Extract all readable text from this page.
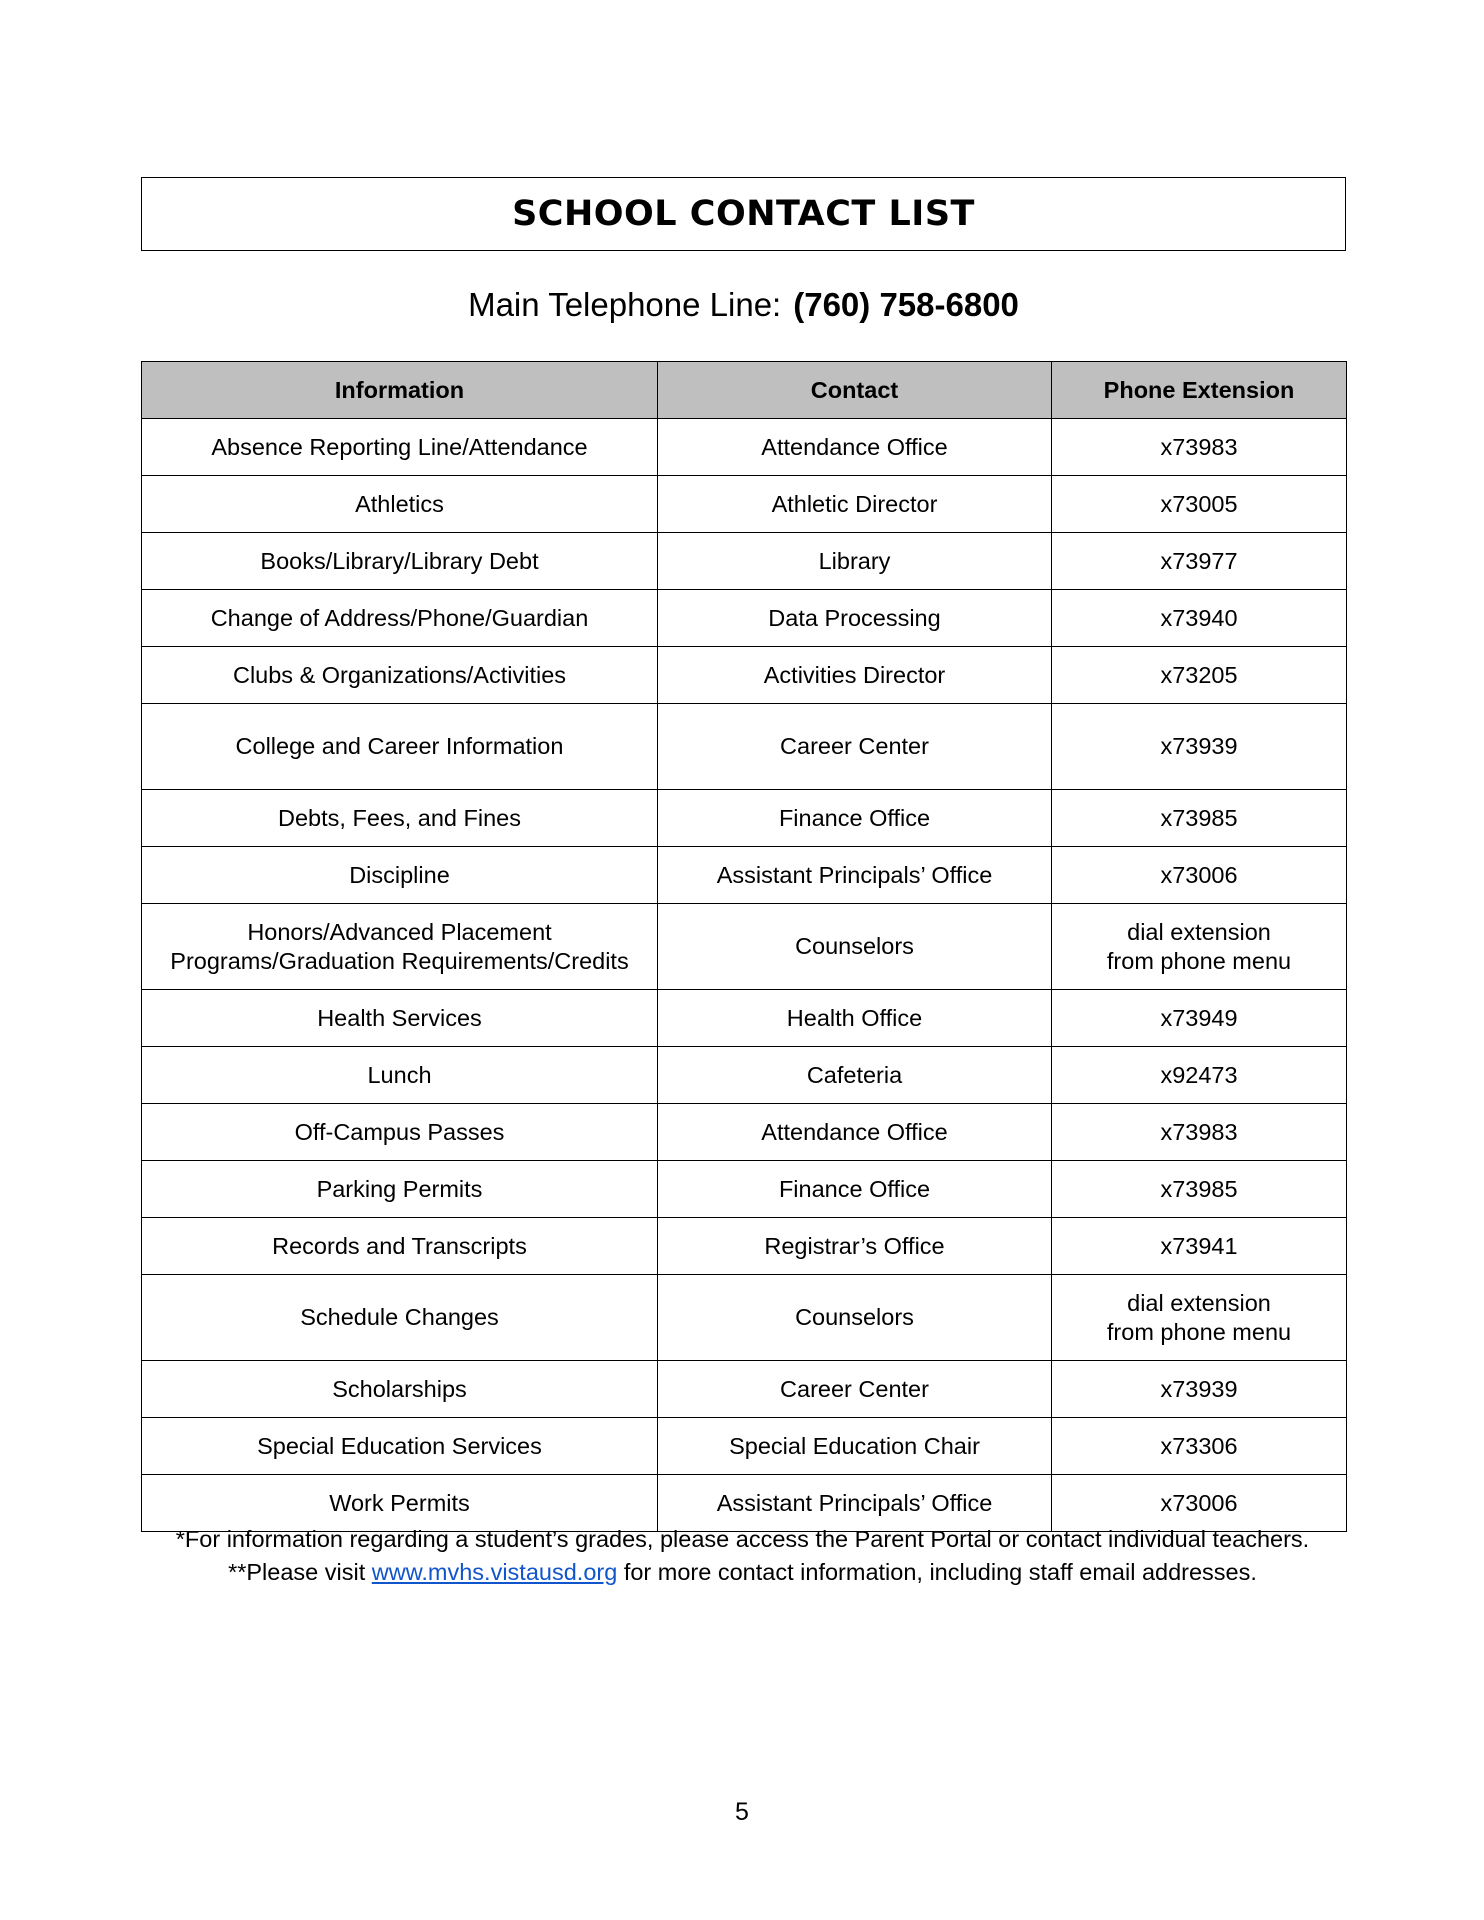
SCHOOL CONTACT LIST
Main Telephone Line: (760) 758-6800
Information	Contact	Phone Extension
Absence Reporting Line/Attendance	Attendance Office	x73983
Athletics	Athletic Director	x73005
Books/Library/Library Debt	Library	x73977
Change of Address/Phone/Guardian	Data Processing	x73940
Clubs & Organizations/Activities	Activities Director	x73205
College and Career Information	Career Center	x73939
Debts, Fees, and Fines	Finance Office	x73985
Discipline	Assistant Principals’ Office	x73006
Honors/Advanced Placement
Programs/Graduation Requirements/Credits	Counselors	dial extension
from phone menu
Health Services	Health Office	x73949
Lunch	Cafeteria	x92473
Off-Campus Passes	Attendance Office	x73983
Parking Permits	Finance Office	x73985
Records and Transcripts	Registrar’s Office	x73941
Schedule Changes	Counselors	dial extension
from phone menu
Scholarships	Career Center	x73939
Special Education Services	Special Education Chair	x73306
Work Permits	Assistant Principals’ Office	x73006
*For information regarding a student’s grades, please access the Parent Portal or contact individual teachers.
**Please visit www.mvhs.vistausd.org for more contact information, including staff email addresses.
5
